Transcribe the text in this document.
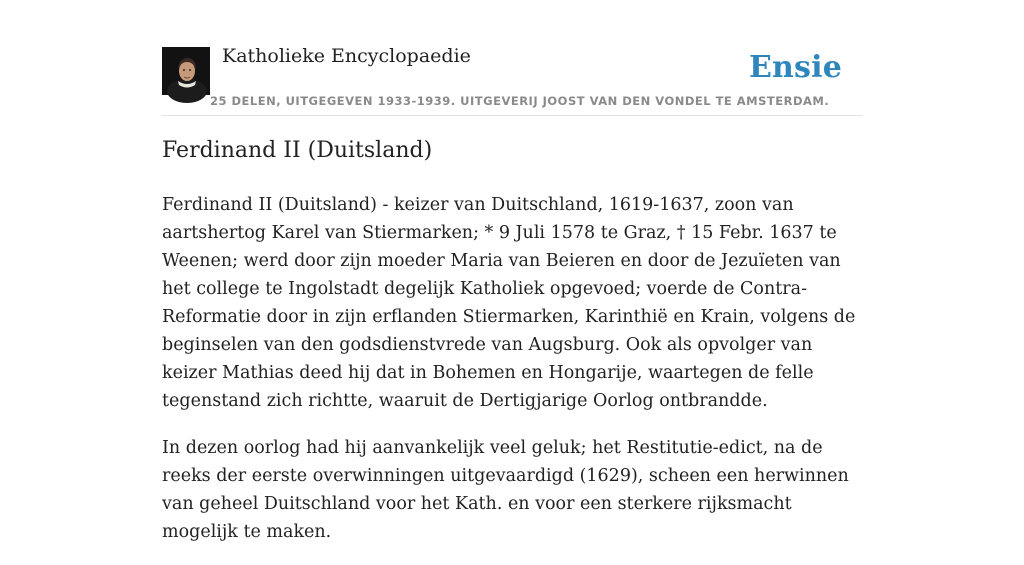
Katholieke Encyclopaedie	Ensie
25 DELEN, UITGEGEVEN 1933-1939. UITGEVERIJ JOOST VAN DEN VONDEL TE AMSTERDAM.
Ferdinand II (Duitsland)

Ferdinand II (Duitsland) - keizer van Duitschland, 1619-1637, zoon van aartshertog Karel van Stiermarken; * 9 Juli 1578 te Graz, † 15 Febr. 1637 te Weenen; werd door zijn moeder Maria van Beieren en door de Jezuïeten van het college te Ingolstadt degelijk Katholiek opgevoed; voerde de Contra-Reformatie door in zijn erflanden Stiermarken, Karinthië en Krain, volgens de beginselen van den godsdienstvrede van Augsburg. Ook als opvolger van keizer Mathias deed hij dat in Bohemen en Hongarije, waartegen de felle tegenstand zich richtte, waaruit de Dertigjarige Oorlog ontbrandde.

In dezen oorlog had hij aanvankelijk veel geluk; het Restitutie-edict, na de reeks der eerste overwinningen uitgevaardigd (1629), scheen een herwinnen van geheel Duitschland voor het Kath. en voor een sterkere rijksmacht mogelijk te maken.
